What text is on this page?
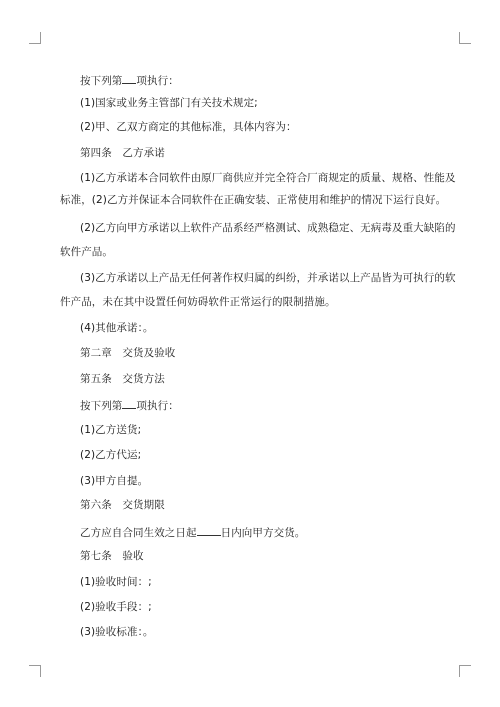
按下列第 项执行：
(1)国家或业务主管部门有关技术规定;
(2)甲、乙双方商定的其他标准，具体内容为：
第四条　乙方承诺
(1)乙方承诺本合同软件由原厂商供应并完全符合厂商规定的质量、规格、性能及
标准，(2)乙方并保证本合同软件在正确安装、正常使用和维护的情况下运行良好。
(2)乙方向甲方承诺以上软件产品系经严格测试、成熟稳定、无病毒及重大缺陷的
软件产品。
(3)乙方承诺以上产品无任何著作权归属的纠纷，并承诺以上产品皆为可执行的软
件产品，未在其中设置任何妨碍软件正常运行的限制措施。
(4)其他承诺：。
第二章　交货及验收
第五条　交货方法
按下列第 项执行：
(1)乙方送货;
(2)乙方代运;
(3)甲方自提。
第六条　交货期限
乙方应自合同生效之日起 日内向甲方交货。
第七条　验收
(1)验收时间：;
(2)验收手段：;
(3)验收标准：。
